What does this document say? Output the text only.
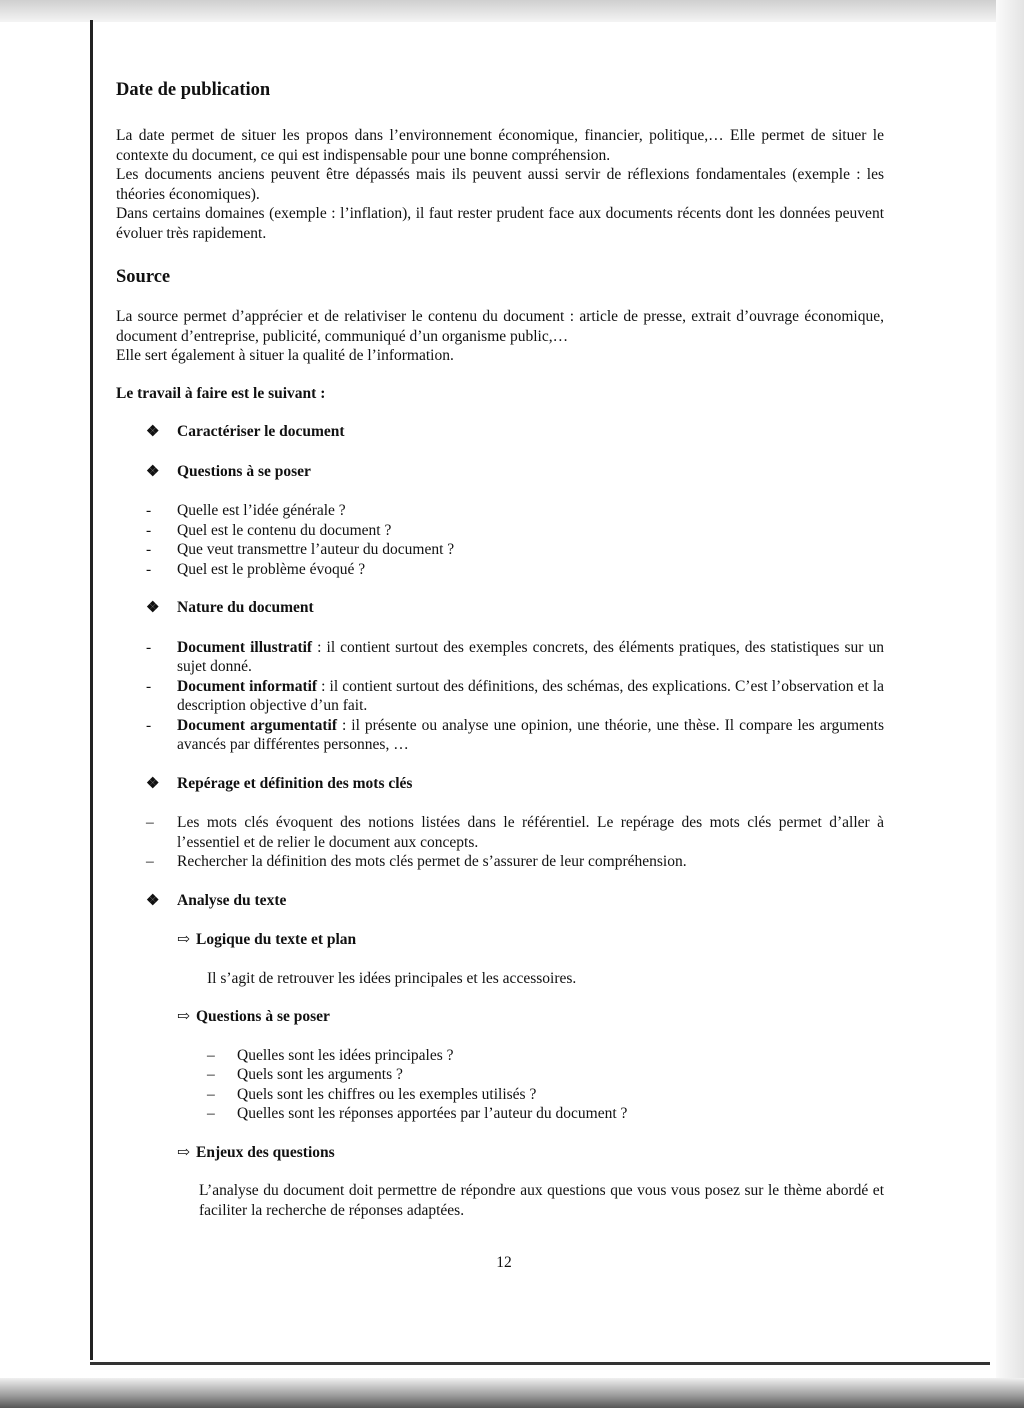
Date de publication

La date permet de situer les propos dans l’environnement économique, financier, politique,… Elle permet de situer le contexte du document, ce qui est indispensable pour une bonne compréhension.

Les documents anciens peuvent être dépassés mais ils peuvent aussi servir de réflexions fondamentales (exemple : les théories économiques).

Dans certains domaines (exemple : l’inflation), il faut rester prudent face aux documents récents dont les données peuvent évoluer très rapidement.

Source

La source permet d’apprécier et de relativiser le contenu du document : article de presse, extrait d’ouvrage économique, document d’entreprise, publicité, communiqué d’un organisme public,…

Elle sert également à situer la qualité de l’information.

Le travail à faire est le suivant :
❖	Caractériser le document
❖	Questions à se poser
-	Quelle est l’idée générale ?
-	Quel est le contenu du document ?
-	Que veut transmettre l’auteur du document ?
-	Quel est le problème évoqué ?
❖	Nature du document
-	Document illustratif : il contient surtout des exemples concrets, des éléments pratiques, des statistiques sur un sujet donné.
-	Document informatif : il contient surtout des définitions, des schémas, des explications. C’est l’observation et la description objective d’un fait.
-	Document argumentatif : il présente ou analyse une opinion, une théorie, une thèse. Il compare les arguments avancés par différentes personnes, …
❖	Repérage et définition des mots clés
–	Les mots clés évoquent des notions listées dans le référentiel. Le repérage des mots clés permet d’aller à l’essentiel et de relier le document aux concepts.
–	Rechercher la définition des mots clés permet de s’assurer de leur compréhension.
❖	Analyse du texte
⇨ Logique du texte et plan

Il s’agit de retrouver les idées principales et les accessoires.

⇨ Questions à se poser
–	Quelles sont les idées principales ?
–	Quels sont les arguments ?
–	Quels sont les chiffres ou les exemples utilisés ?
–	Quelles sont les réponses apportées par l’auteur du document ?
⇨ Enjeux des questions

L’analyse du document doit permettre de répondre aux questions que vous vous posez sur le thème abordé et faciliter la recherche de réponses adaptées.

12
